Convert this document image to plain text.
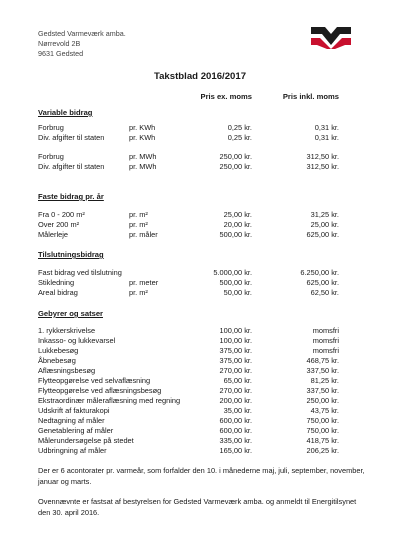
Gedsted Varmeværk amba.
Nørrevold 2B
9631 Gedsted
Takstblad 2016/2017
Pris ex. moms	Pris inkl. moms
Variable bidrag
Forbrug	pr. KWh	0,25 kr.	0,31 kr.
Div. afgifter til staten	pr. KWh	0,25 kr.	0,31 kr.
Forbrug	pr. MWh	250,00 kr.	312,50 kr.
Div. afgifter til staten	pr. MWh	250,00 kr.	312,50 kr.
Faste bidrag pr. år
Fra 0 - 200 m²	pr. m²	25,00 kr.	31,25 kr.
Over 200 m²	pr. m²	20,00 kr.	25,00 kr.
Målerleje	pr. måler	500,00 kr.	625,00 kr.
Tilslutningsbidrag
Fast bidrag ved tilslutning	5.000,00 kr.	6.250,00 kr.
Stikledning	pr. meter	500,00 kr.	625,00 kr.
Areal bidrag	pr. m²	50,00 kr.	62,50 kr.
Gebyrer og satser
1. rykkerskrivelse	100,00 kr.	momsfri
Inkasso- og lukkevarsel	100,00 kr.	momsfri
Lukkebesøg	375,00 kr.	momsfri
Åbnebesøg	375,00 kr.	468,75 kr.
Aflæsningsbesøg	270,00 kr.	337,50 kr.
Flytteopgørelse ved selvaflæsning	65,00 kr.	81,25 kr.
Flytteopgørelse ved aflæsningsbesøg	270,00 kr.	337,50 kr.
Ekstraordinær måleraflæsning med regning	200,00 kr.	250,00 kr.
Udskrift af fakturakopi	35,00 kr.	43,75 kr.
Nedtagning af måler	600,00 kr.	750,00 kr.
Genetablering af måler	600,00 kr.	750,00 kr.
Målerundersøgelse på stedet	335,00 kr.	418,75 kr.
Udbringning af måler	165,00 kr.	206,25 kr.
Der er 6 acontorater pr. varmeår, som forfalder den 10. i månederne maj, juli, september, november, januar og marts.
Ovennævnte er fastsat af bestyrelsen for Gedsted Varmeværk amba. og anmeldt til Energitilsynet den 30. april 2016.
